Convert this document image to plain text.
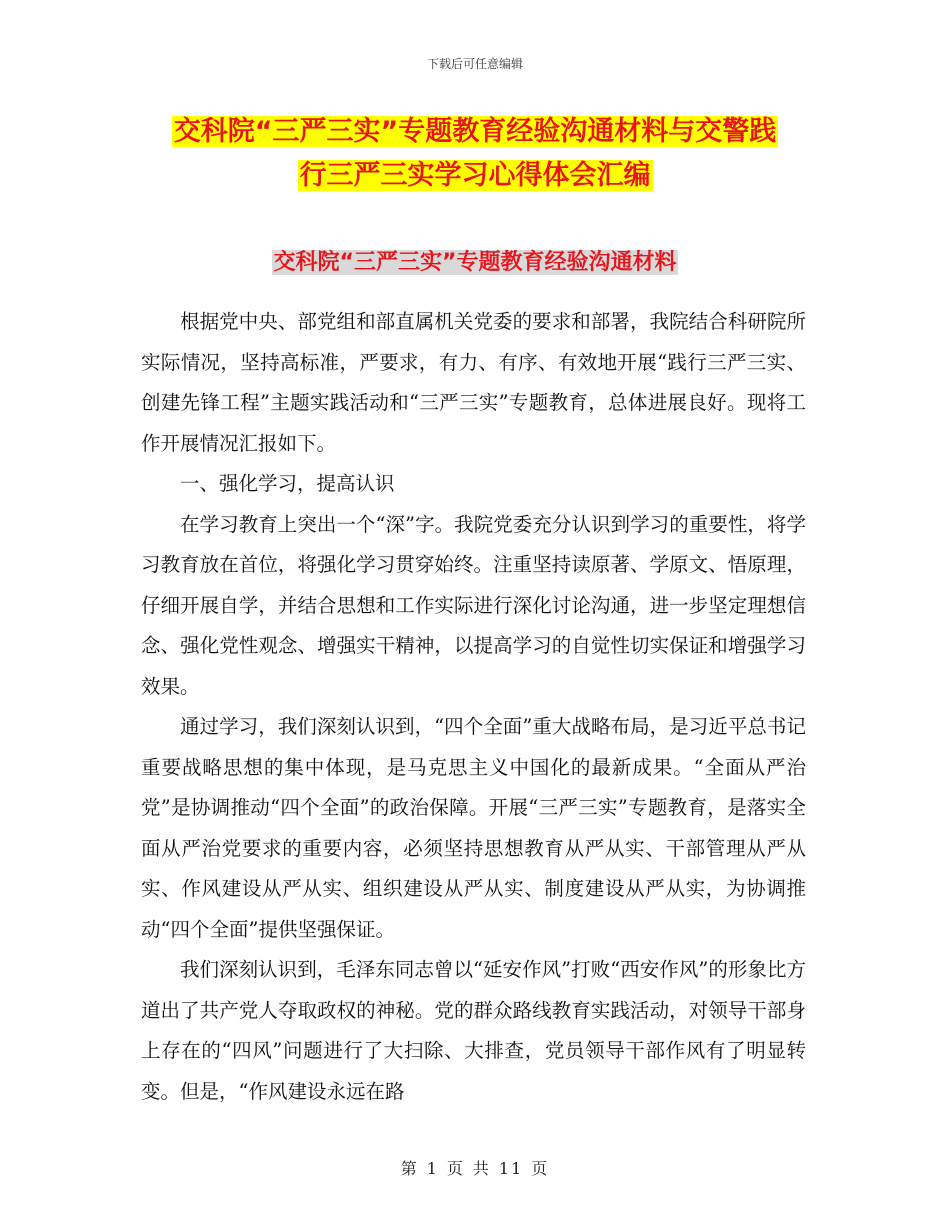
下载后可任意编辑
交科院“三严三实”专题教育经验沟通材料与交警践
行三严三实学习心得体会汇编
交科院“三严三实”专题教育经验沟通材料

根据党中央、部党组和部直属机关党委的要求和部署，我院结合科研院所实际情况，坚持高标准，严要求，有力、有序、有效地开展“践行三严三实、创建先锋工程”主题实践活动和“三严三实”专题教育，总体进展良好。现将工作开展情况汇报如下。

一、强化学习，提高认识

在学习教育上突出一个“深”字。我院党委充分认识到学习的重要性，将学习教育放在首位，将强化学习贯穿始终。注重坚持读原著、学原文、悟原理，仔细开展自学，并结合思想和工作实际进行深化讨论沟通，进一步坚定理想信念、强化党性观念、增强实干精神，以提高学习的自觉性切实保证和增强学习效果。

通过学习，我们深刻认识到，“四个全面”重大战略布局，是习近平总书记重要战略思想的集中体现，是马克思主义中国化的最新成果。“全面从严治党”是协调推动“四个全面”的政治保障。开展“三严三实”专题教育，是落实全面从严治党要求的重要内容，必须坚持思想教育从严从实、干部管理从严从实、作风建设从严从实、组织建设从严从实、制度建设从严从实，为协调推动“四个全面”提供坚强保证。

我们深刻认识到，毛泽东同志曾以“延安作风”打败“西安作风”的形象比方道出了共产党人夺取政权的神秘。党的群众路线教育实践活动，对领导干部身上存在的“四风”问题进行了大扫除、大排查，党员领导干部作风有了明显转变。但是，“作风建设永远在路

第 1 页 共 11 页
